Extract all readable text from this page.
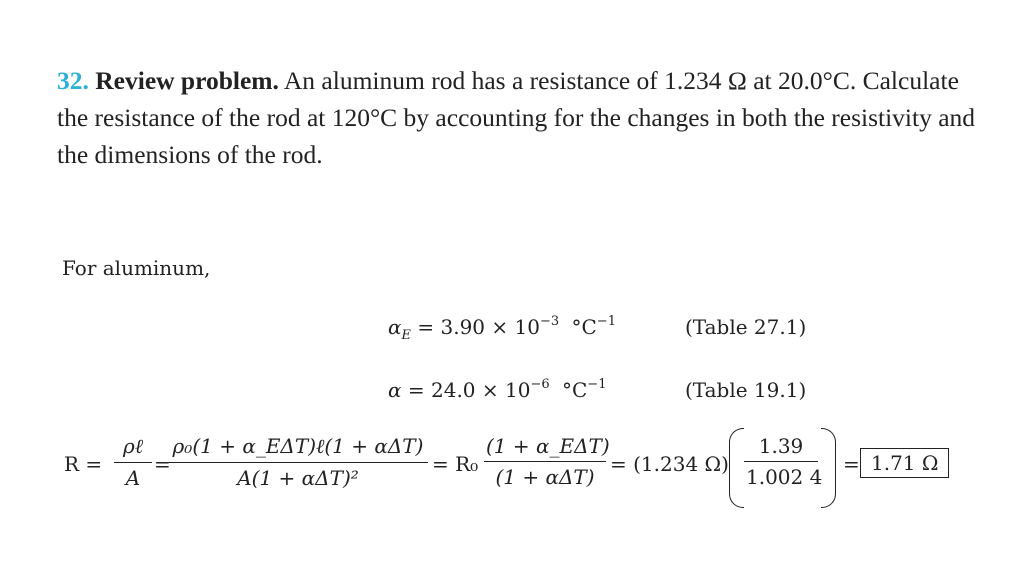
32. Review problem. An aluminum rod has a resistance of 1.234 Ω at 20.0°C. Calculate the resistance of the rod at 120°C by accounting for the changes in both the resistivity and the dimensions of the rod.
For aluminum,
$\alpha_E = 3.90 \times 10^{-3}$ $^\circ C^{-1}$	(Table 27.1)
$\alpha = 24.0 \times 10^{-6}$ $^\circ C^{-1}$	(Table 19.1)
R =
ρℓ
A
=
ρ₀(1 + α_EΔT)ℓ(1 + αΔT)
A(1 + αΔT)²
= R₀
(1 + α_EΔT)
(1 + αΔT)
= (1.234 Ω)
1.39
1.002 4
= 1.71 Ω
